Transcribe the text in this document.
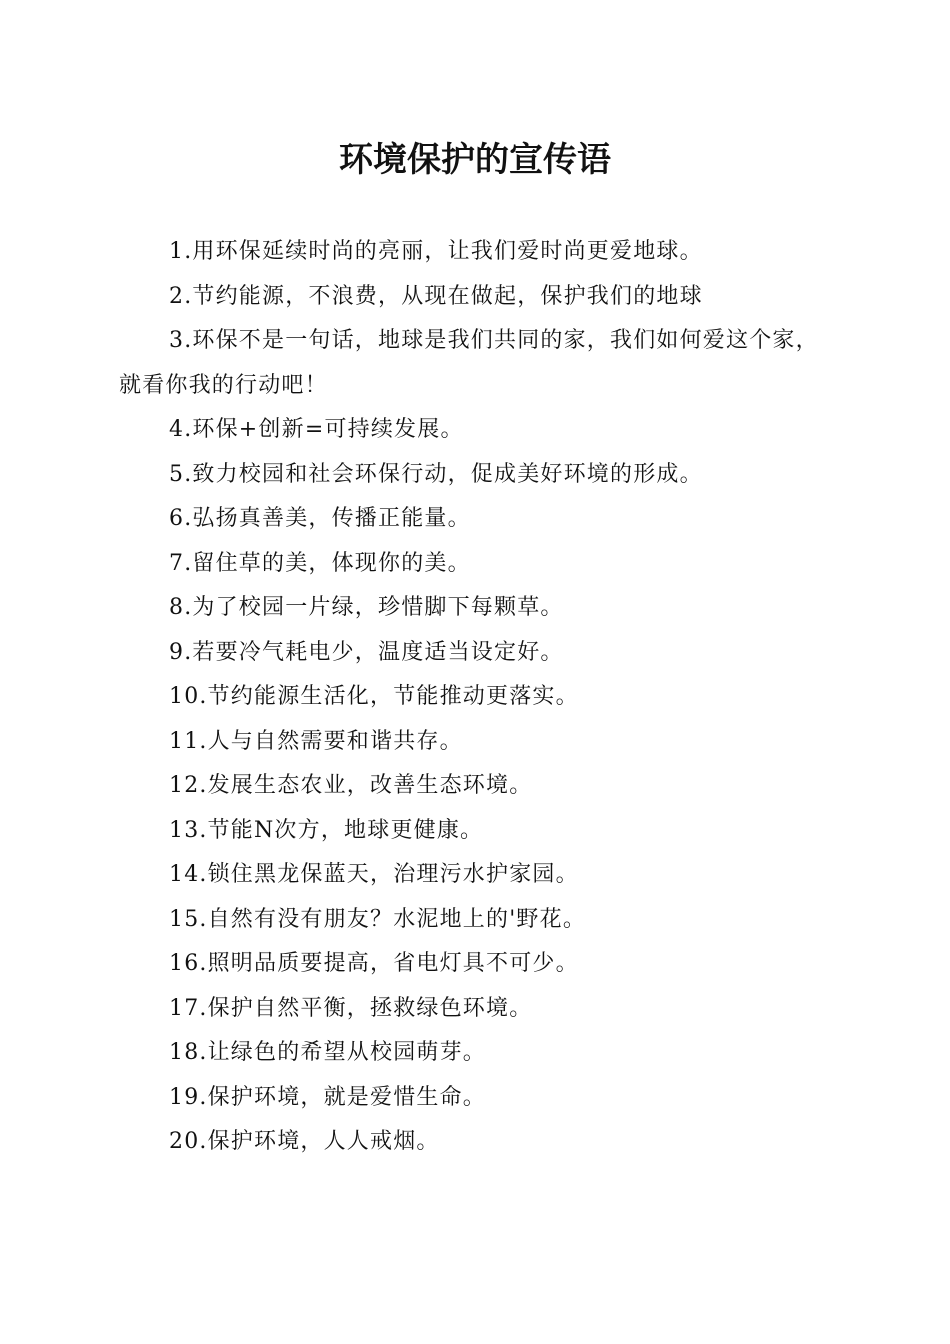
环境保护的宣传语

1.用环保延续时尚的亮丽，让我们爱时尚更爱地球。

2.节约能源，不浪费，从现在做起，保护我们的地球

3.环保不是一句话，地球是我们共同的家，我们如何爱这个家，就看你我的行动吧！

4.环保+创新=可持续发展。

5.致力校园和社会环保行动，促成美好环境的形成。

6.弘扬真善美，传播正能量。

7.留住草的美，体现你的美。

8.为了校园一片绿，珍惜脚下每颗草。

9.若要冷气耗电少，温度适当设定好。

10.节约能源生活化，节能推动更落实。

11.人与自然需要和谐共存。

12.发展生态农业，改善生态环境。

13.节能N次方，地球更健康。

14.锁住黑龙保蓝天，治理污水护家园。

15.自然有没有朋友？水泥地上的'野花。

16.照明品质要提高，省电灯具不可少。

17.保护自然平衡，拯救绿色环境。

18.让绿色的希望从校园萌芽。

19.保护环境，就是爱惜生命。

20.保护环境，人人戒烟。
